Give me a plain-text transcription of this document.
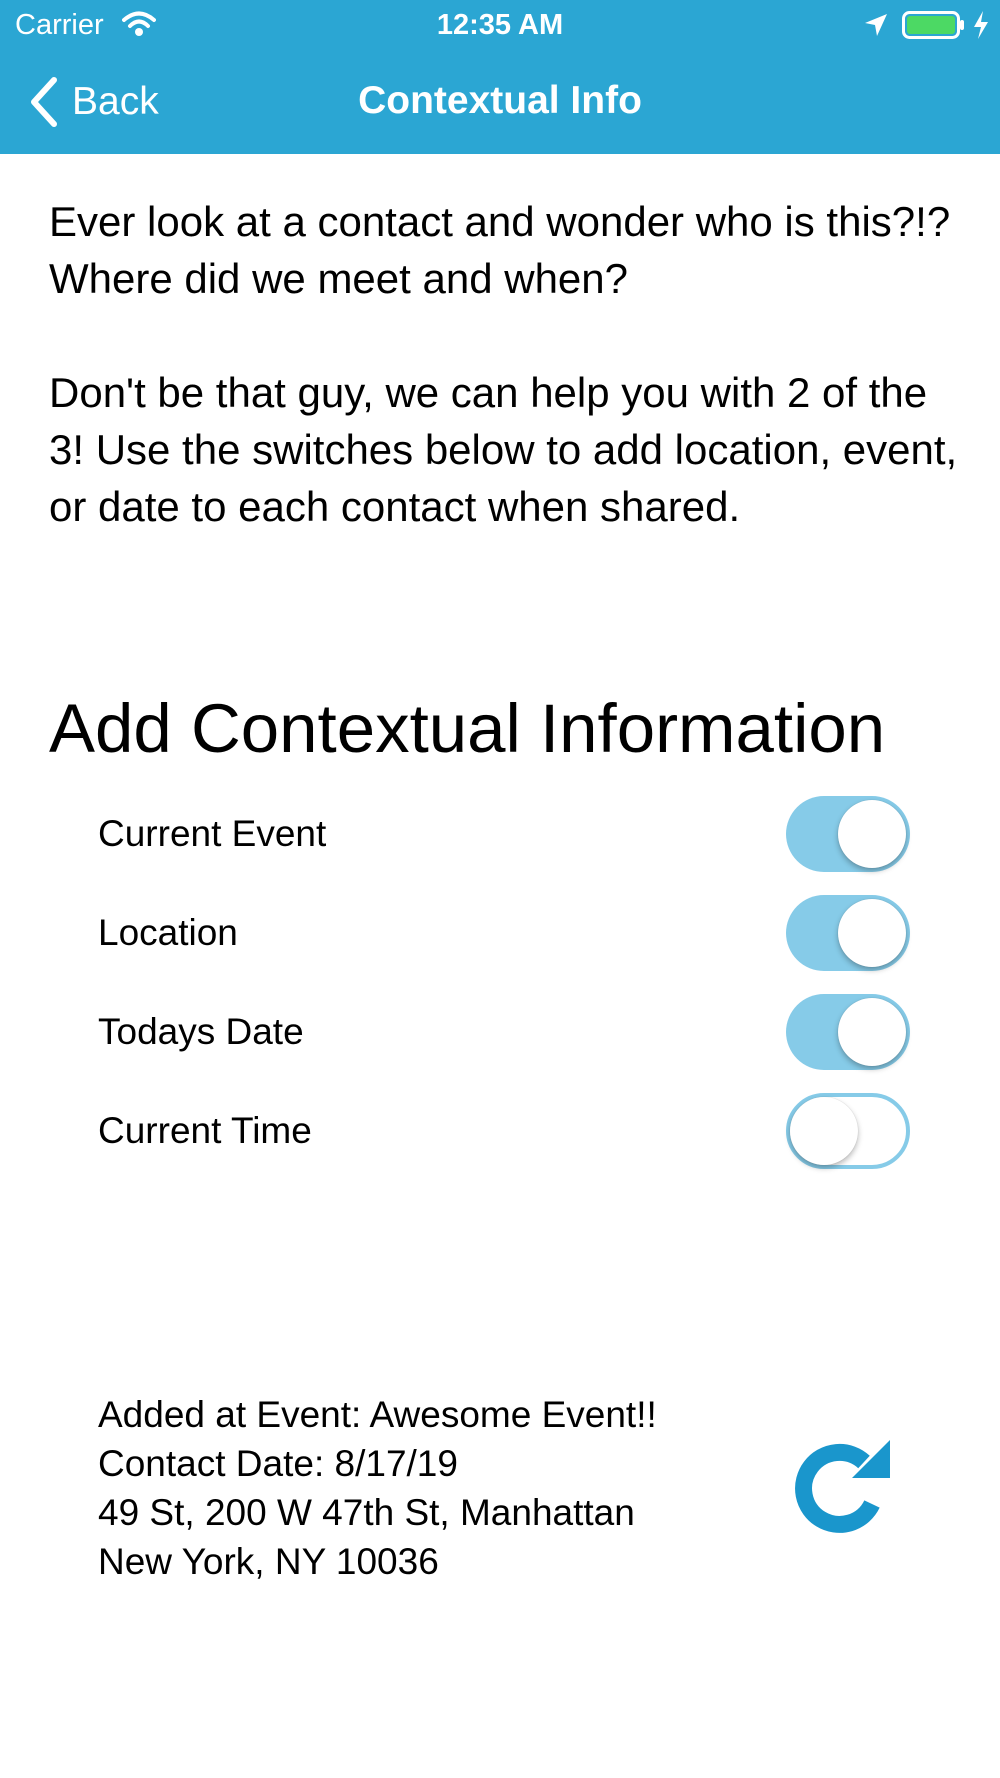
Carrier	12:35 AM
Back	Contextual Info

Ever look at a contact and wonder who is this?!? Where did we meet and when?

Don't be that guy, we can help you with 2 of the 3! Use the switches below to add location, event, or date to each contact when shared.

Add Contextual Information
Current Event
Location
Todays Date
Current Time
Added at Event: Awesome Event!!
Contact Date: 8/17/19
49 St, 200 W 47th St, Manhattan
New York, NY 10036
